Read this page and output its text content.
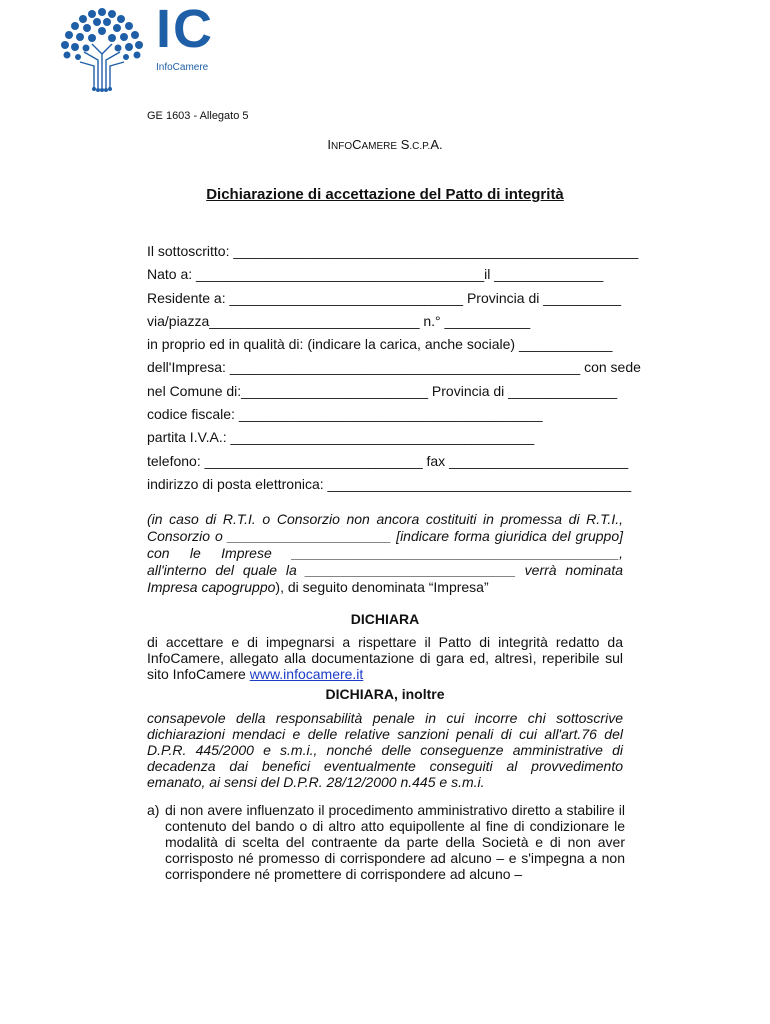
IC
InfoCamere
GE 1603 - Allegato 5
INFOCAMERE S.C.P.A.
Dichiarazione di accettazione del Patto di integrità
Il sottoscritto: ____________________________________________________
Nato a: _____________________________________il ______________
Residente a: ______________________________ Provincia di __________
via/piazza___________________________ n.° ___________
in proprio ed in qualità di: (indicare la carica, anche sociale) ____________
dell'Impresa: _____________________________________________ con sede
nel Comune di:________________________ Provincia di ______________
codice fiscale: _______________________________________
partita I.V.A.: _______________________________________
telefono: ____________________________ fax _______________________
indirizzo di posta elettronica: _______________________________________
(in caso di R.T.I. o Consorzio non ancora costituiti in promessa di R.T.I., Consorzio o _____________________ [indicare forma giuridica del gruppo] con le Imprese __________________________________________, all'interno del quale la ___________________________ verrà nominata Impresa capogruppo), di seguito denominata “Impresa”
DICHIARA
di accettare e di impegnarsi a rispettare il Patto di integrità redatto da InfoCamere, allegato alla documentazione di gara ed, altresì, reperibile sul sito InfoCamere www.infocamere.it
DICHIARA, inoltre
consapevole della responsabilità penale in cui incorre chi sottoscrive dichiarazioni mendaci e delle relative sanzioni penali di cui all'art.76 del D.P.R. 445/2000 e s.m.i., nonché delle conseguenze amministrative di decadenza dai benefici eventualmente conseguiti al provvedimento emanato, ai sensi del D.P.R. 28/12/2000 n.445 e s.m.i.
a) di non avere influenzato il procedimento amministrativo diretto a stabilire il contenuto del bando o di altro atto equipollente al fine di condizionare le modalità di scelta del contraente da parte della Società e di non aver corrisposto né promesso di corrispondere ad alcuno – e s'impegna a non corrispondere né promettere di corrispondere ad alcuno –
